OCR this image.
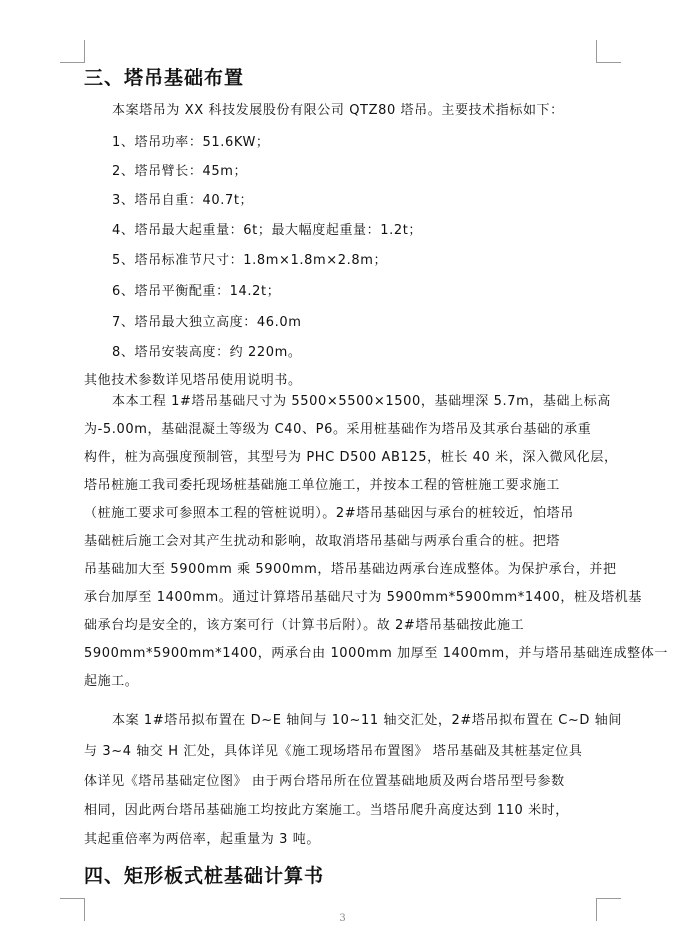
三、塔吊基础布置
本案塔吊为 XX 科技发展股份有限公司 QTZ80 塔吊。主要技术指标如下：
1、塔吊功率：51.6KW；
2、塔吊臂长：45m；
3、塔吊自重：40.7t；
4、塔吊最大起重量：6t；最大幅度起重量：1.2t；
5、塔吊标准节尺寸：1.8m×1.8m×2.8m；
6、塔吊平衡配重：14.2t；
7、塔吊最大独立高度：46.0m
8、塔吊安装高度：约 220m。
其他技术参数详见塔吊使用说明书。
本本工程 1#塔吊基础尺寸为 5500×5500×1500，基础埋深 5.7m，基础上标高
为-5.00m，基础混凝土等级为 C40、P6。采用桩基础作为塔吊及其承台基础的承重
构件，桩为高强度预制管，其型号为 PHC D500 AB125，桩长 40 米，深入微风化层，
塔吊桩施工我司委托现场桩基础施工单位施工，并按本工程的管桩施工要求施工
（桩施工要求可参照本工程的管桩说明）。2#塔吊基础因与承台的桩较近，怕塔吊
基础桩后施工会对其产生扰动和影响，故取消塔吊基础与两承台重合的桩。把塔
吊基础加大至 5900mm 乘 5900mm，塔吊基础边两承台连成整体。为保护承台，并把
承台加厚至 1400mm。通过计算塔吊基础尺寸为 5900mm*5900mm*1400，桩及塔机基
础承台均是安全的，该方案可行（计算书后附）。故 2#塔吊基础按此施工
5900mm*5900mm*1400，两承台由 1000mm 加厚至 1400mm，并与塔吊基础连成整体一
起施工。
本案 1#塔吊拟布置在 D~E 轴间与 10~11 轴交汇处，2#塔吊拟布置在 C~D 轴间
与 3~4 轴交 H 汇处，具体详见《施工现场塔吊布置图》 塔吊基础及其桩基定位具
体详见《塔吊基础定位图》 由于两台塔吊所在位置基础地质及两台塔吊型号参数
相同，因此两台塔吊基础施工均按此方案施工。当塔吊爬升高度达到 110 米时，
其起重倍率为两倍率，起重量为 3 吨。
四、矩形板式桩基础计算书
3
